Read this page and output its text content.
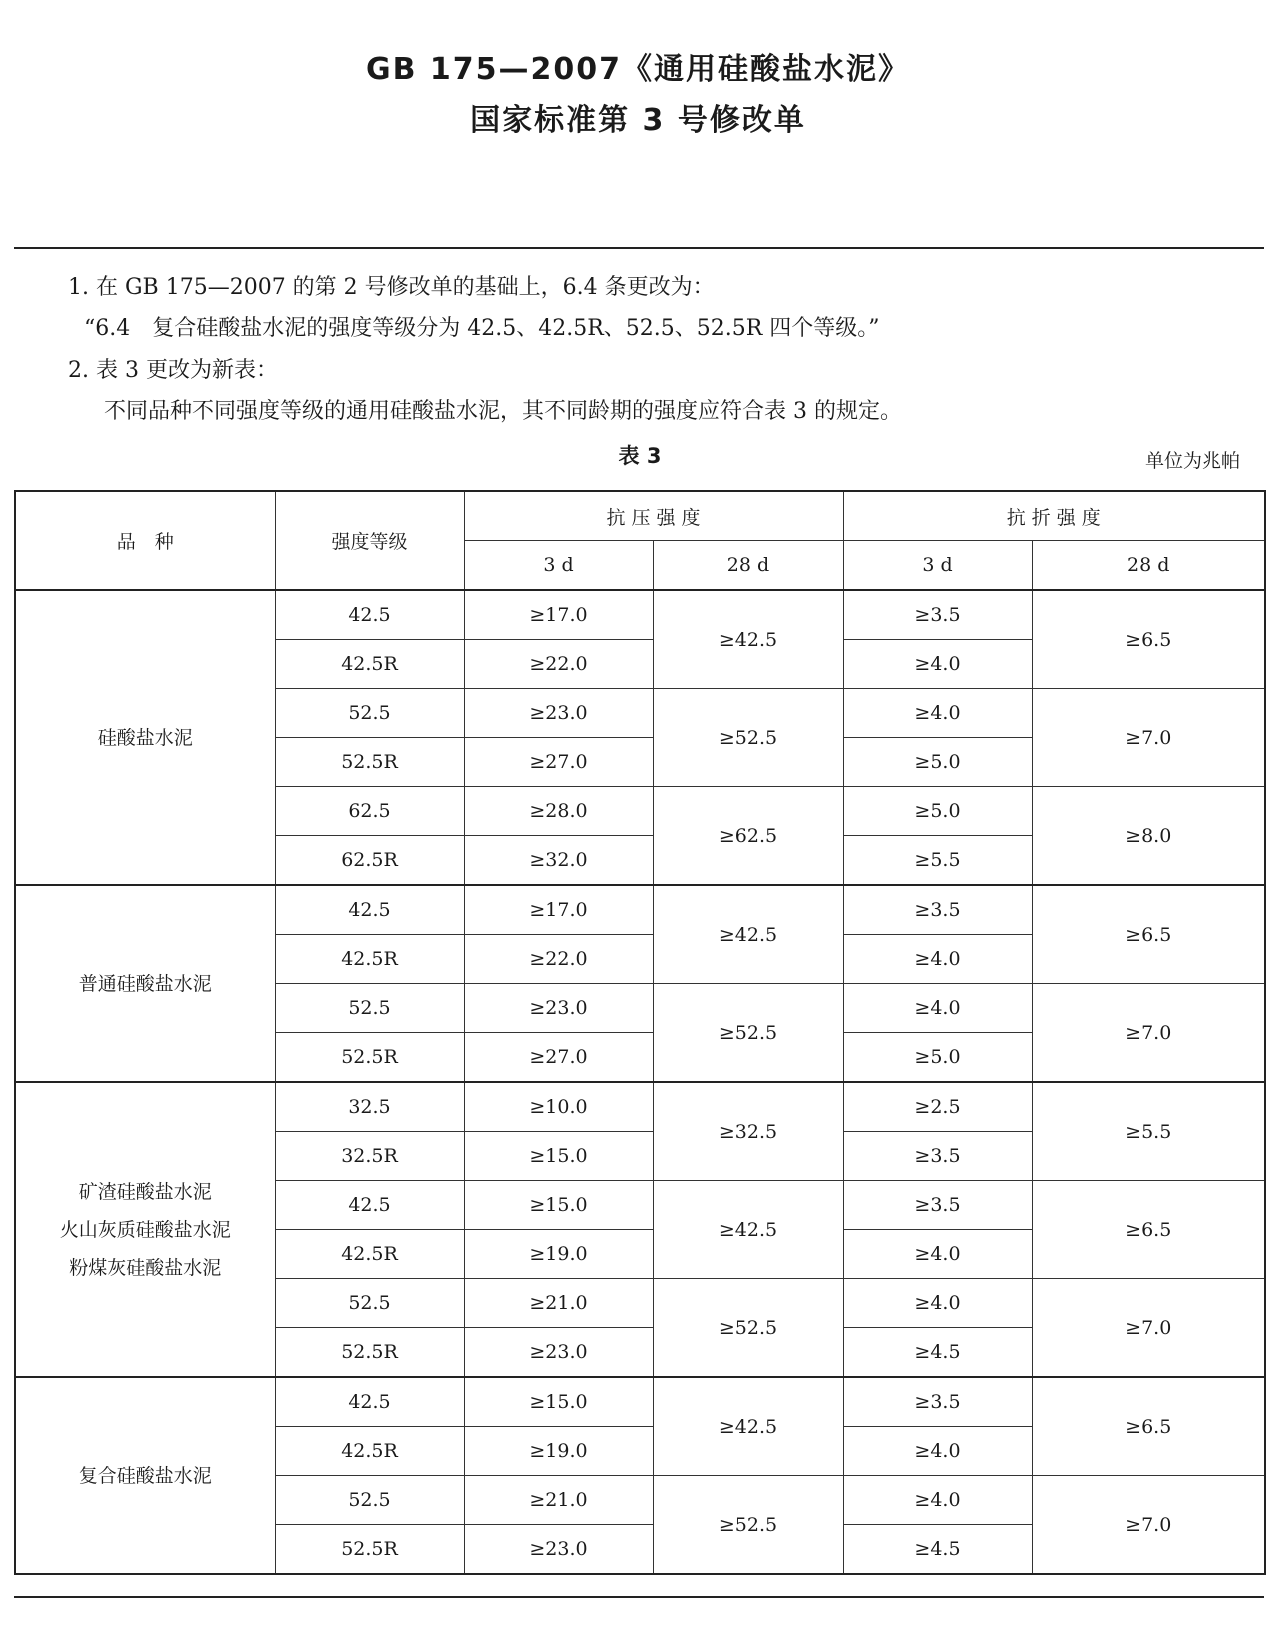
GB 175—2007《通用硅酸盐水泥》
国家标准第 3 号修改单
1. 在 GB 175—2007 的第 2 号修改单的基础上，6.4 条更改为：
“6.4　复合硅酸盐水泥的强度等级分为 42.5、42.5R、52.5、52.5R 四个等级。”
2. 表 3 更改为新表：
不同品种不同强度等级的通用硅酸盐水泥，其不同龄期的强度应符合表 3 的规定。
表 3	单位为兆帕
品　种	强度等级	抗 压 强 度		抗 折 强 度	
		3 d	28 d	3 d	28 d
硅酸盐水泥	42.5	≥17.0	≥42.5	≥3.5	≥6.5
	42.5R	≥22.0		≥4.0	
	52.5	≥23.0	≥52.5	≥4.0	≥7.0
	52.5R	≥27.0		≥5.0	
	62.5	≥28.0	≥62.5	≥5.0	≥8.0
	62.5R	≥32.0		≥5.5	
普通硅酸盐水泥	42.5	≥17.0	≥42.5	≥3.5	≥6.5
	42.5R	≥22.0		≥4.0	
	52.5	≥23.0	≥52.5	≥4.0	≥7.0
	52.5R	≥27.0		≥5.0	
矿渣硅酸盐水泥
火山灰质硅酸盐水泥
粉煤灰硅酸盐水泥	32.5	≥10.0	≥32.5	≥2.5	≥5.5
	32.5R	≥15.0		≥3.5	
	42.5	≥15.0	≥42.5	≥3.5	≥6.5
	42.5R	≥19.0		≥4.0	
	52.5	≥21.0	≥52.5	≥4.0	≥7.0
	52.5R	≥23.0		≥4.5	
复合硅酸盐水泥	42.5	≥15.0	≥42.5	≥3.5	≥6.5
	42.5R	≥19.0		≥4.0	
	52.5	≥21.0	≥52.5	≥4.0	≥7.0
	52.5R	≥23.0		≥4.5	
